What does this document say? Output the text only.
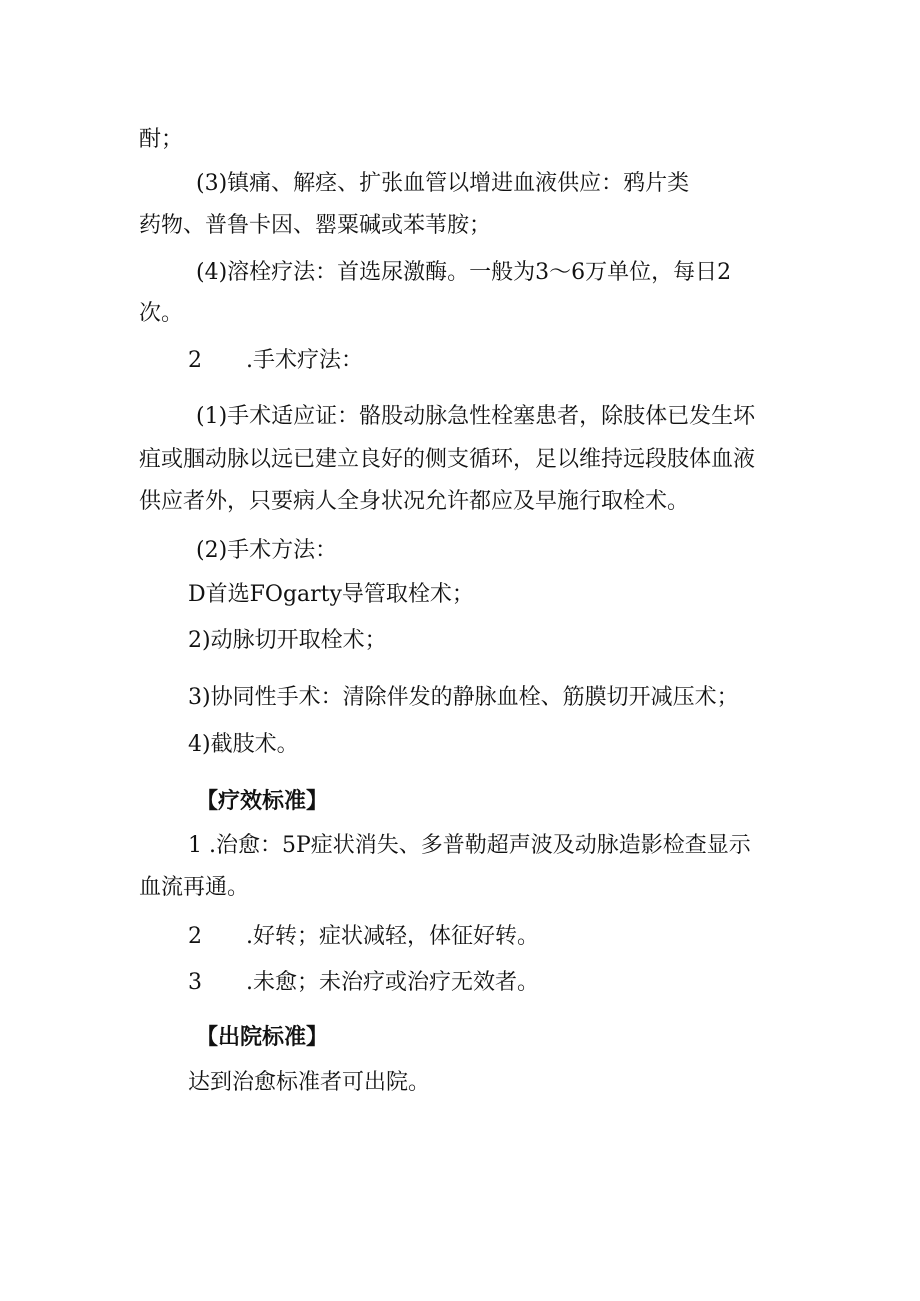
酎；

(3)镇痛、解痉、扩张血管以增进血液供应：鸦片类

药物、普鲁卡因、罂粟碱或苯苇胺；

(4)溶栓疗法：首选尿激酶。一般为3～6万单位，每日2

次。

2 .手术疗法：

(1)手术适应证：骼股动脉急性栓塞患者，除肢体已发生坏

疽或腘动脉以远已建立良好的侧支循环，足以维持远段肢体血液

供应者外，只要病人全身状况允许都应及早施行取栓术。

(2)手术方法：

D首选FOgarty导管取栓术；

2)动脉切开取栓术；

3)协同性手术：清除伴发的静脉血栓、筋膜切开减压术；

4)截肢术。

【疗效标准】

1 .治愈：5P症状消失、多普勒超声波及动脉造影检查显示

血流再通。

2 .好转；症状减轻，体征好转。

3 .未愈；未治疗或治疗无效者。

【出院标准】

达到治愈标准者可出院。
